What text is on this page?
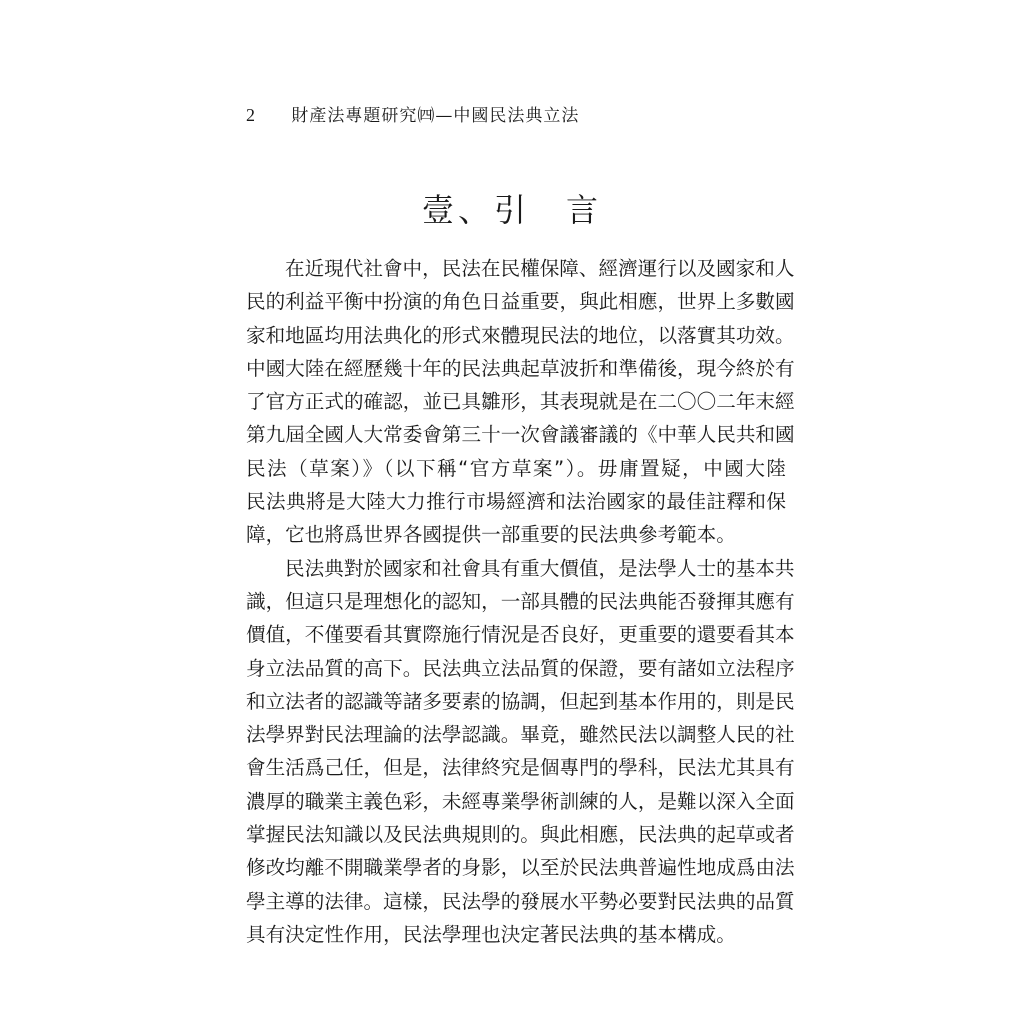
2 財產法專題研究㈣—中國民法典立法
壹、引　言
在近現代社會中，民法在民權保障、經濟運行以及國家和人
民的利益平衡中扮演的角色日益重要，與此相應，世界上多數國
家和地區均用法典化的形式來體現民法的地位，以落實其功效。
中國大陸在經歷幾十年的民法典起草波折和準備後，現今終於有
了官方正式的確認，並已具雛形，其表現就是在二〇〇二年末經
第九屆全國人大常委會第三十一次會議審議的《中華人民共和國
民法（草案）》（以下稱“官方草案”）。毋庸置疑，中國大陸
民法典將是大陸大力推行市場經濟和法治國家的最佳註釋和保
障，它也將爲世界各國提供一部重要的民法典參考範本。
民法典對於國家和社會具有重大價值，是法學人士的基本共
識，但這只是理想化的認知，一部具體的民法典能否發揮其應有
價值，不僅要看其實際施行情況是否良好，更重要的還要看其本
身立法品質的高下。民法典立法品質的保證，要有諸如立法程序
和立法者的認識等諸多要素的協調，但起到基本作用的，則是民
法學界對民法理論的法學認識。畢竟，雖然民法以調整人民的社
會生活爲己任，但是，法律終究是個專門的學科，民法尤其具有
濃厚的職業主義色彩，未經專業學術訓練的人，是難以深入全面
掌握民法知識以及民法典規則的。與此相應，民法典的起草或者
修改均離不開職業學者的身影，以至於民法典普遍性地成爲由法
學主導的法律。這樣，民法學的發展水平勢必要對民法典的品質
具有決定性作用，民法學理也決定著民法典的基本構成。
